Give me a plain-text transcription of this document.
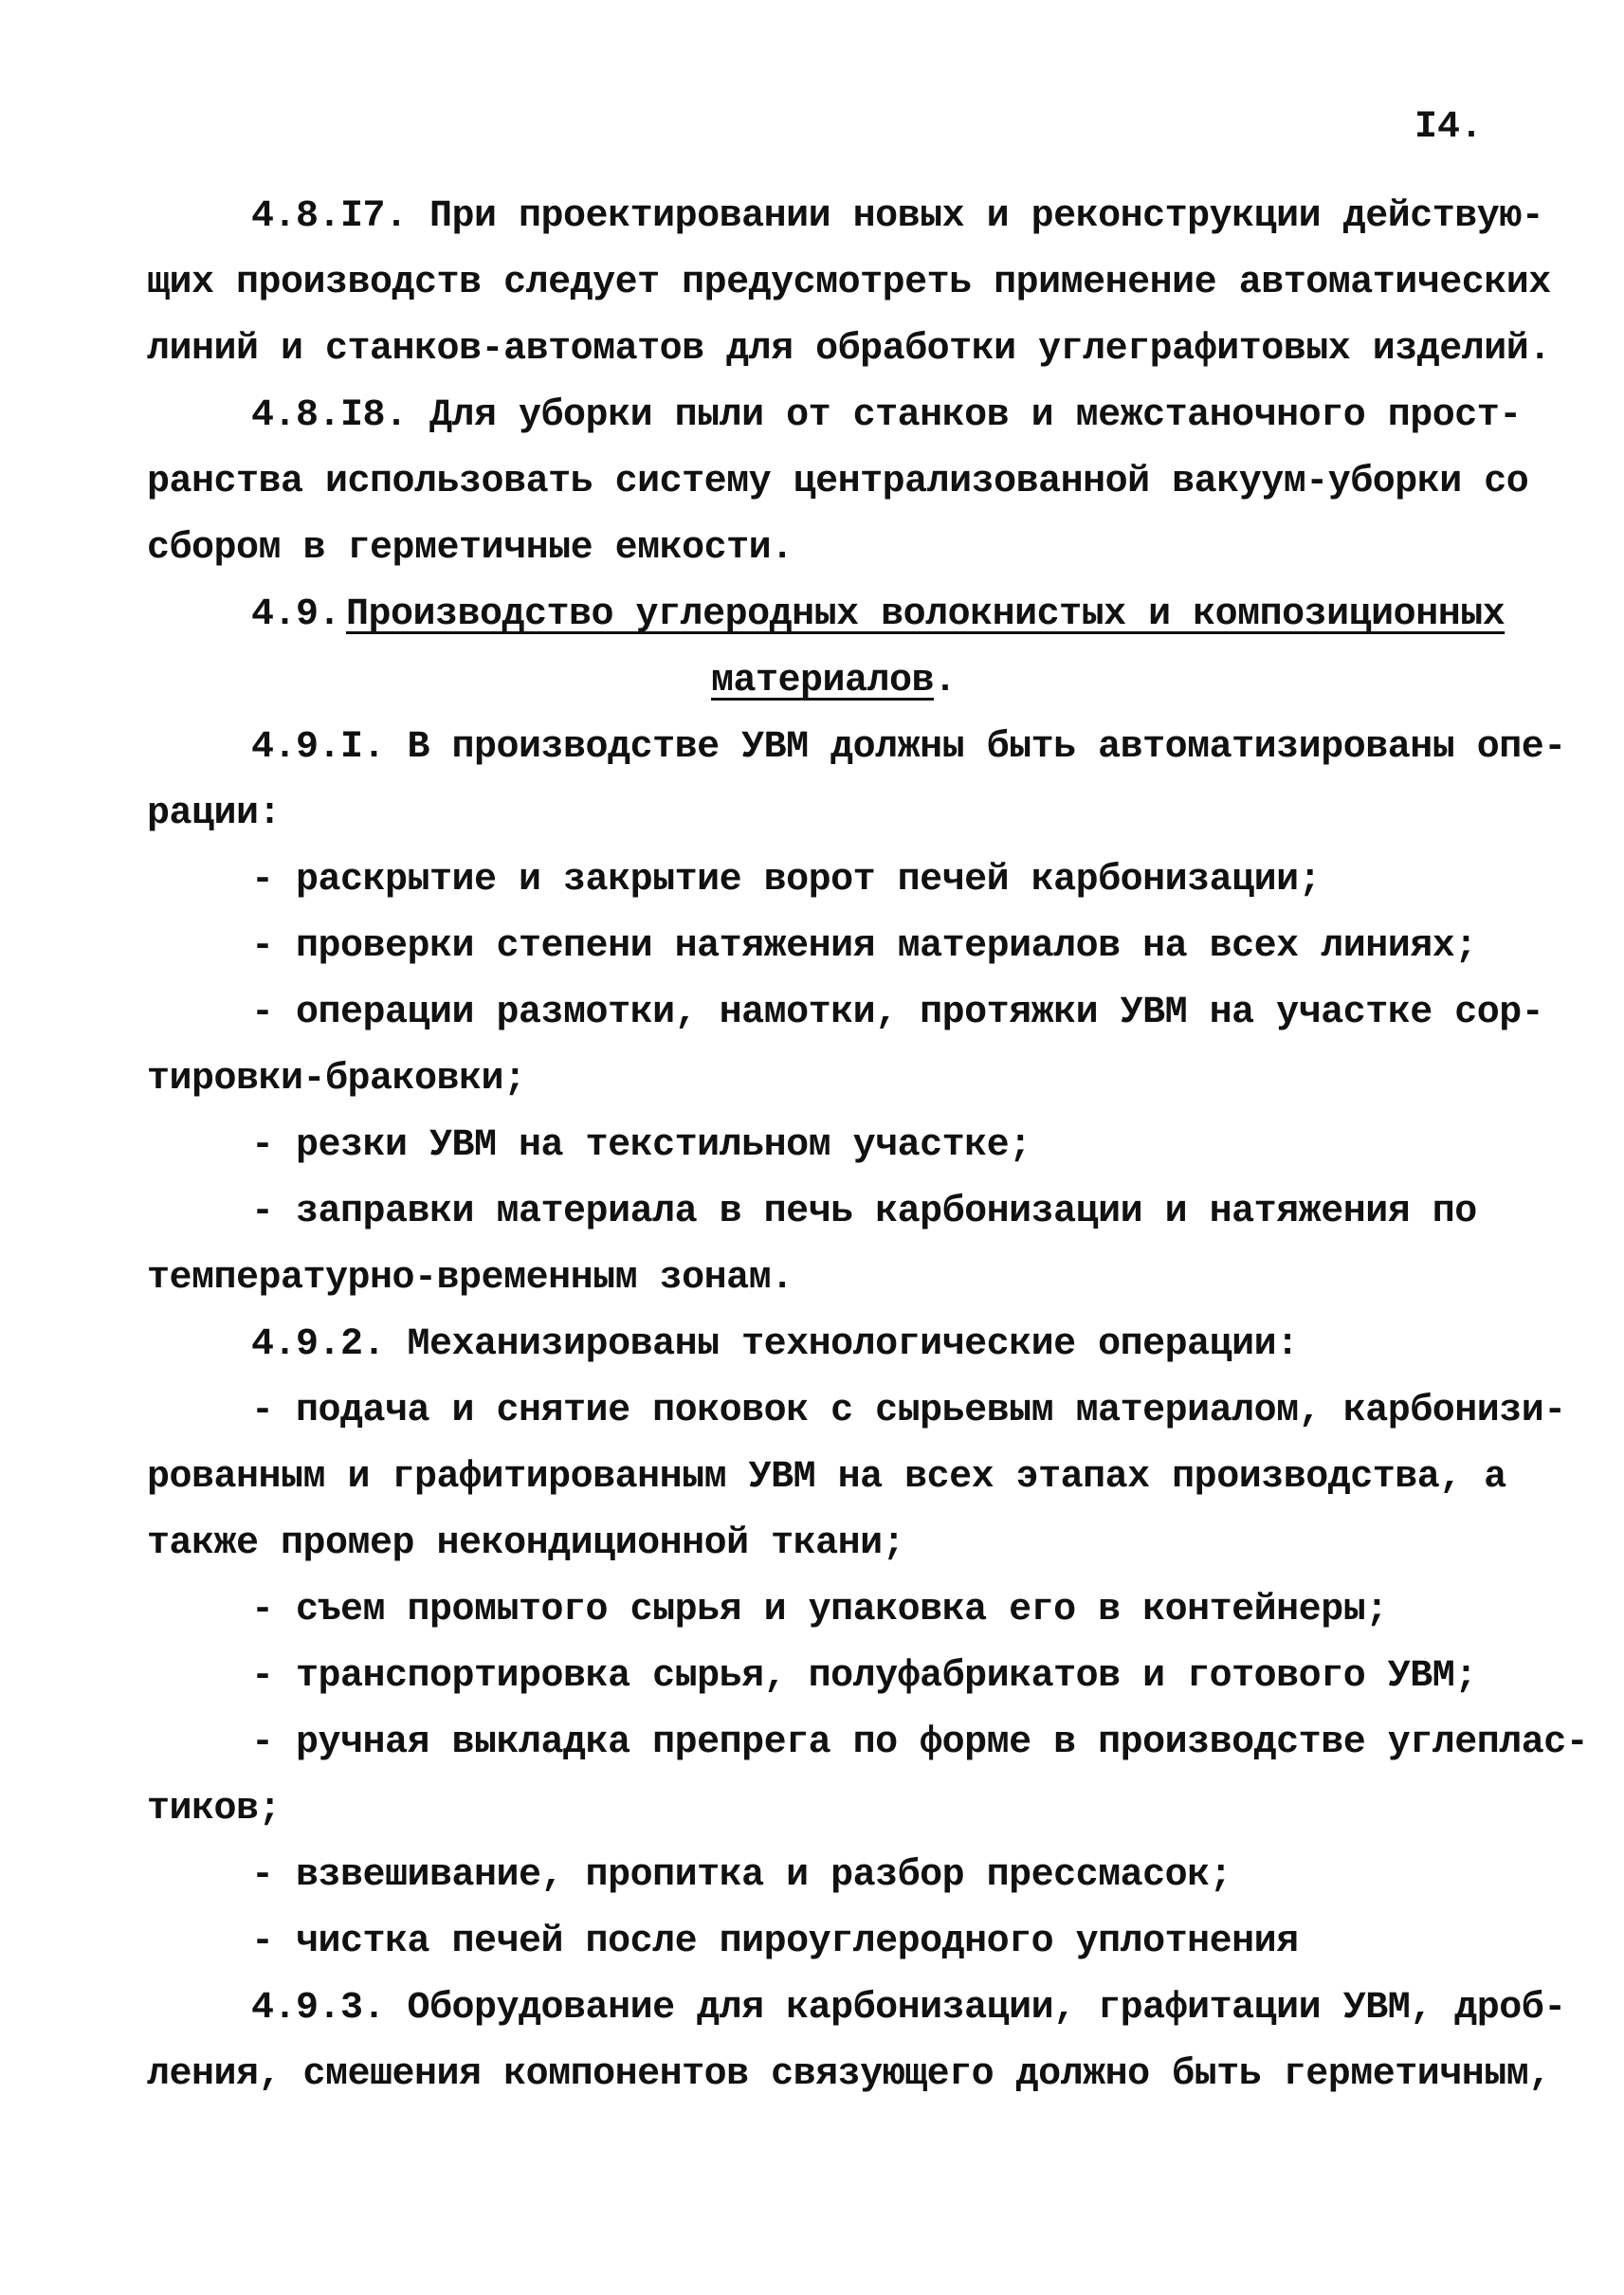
I4.
4.8.I7. При проектировании новых и реконструкции действую-
щих производств следует предусмотреть применение автоматических
линий и станков-автоматов для обработки углеграфитовых изделий.
4.8.I8. Для уборки пыли от станков и межстаночного прост-
ранства использовать систему централизованной вакуум-уборки со
сбором в герметичные емкости.
4.9. Производство углеродных волокнистых и композиционных
материалов.
4.9.I. В производстве УВМ должны быть автоматизированы опе-
рации:
- раскрытие и закрытие ворот печей карбонизации;
- проверки степени натяжения материалов на всех линиях;
- операции размотки, намотки, протяжки УВМ на участке сор-
тировки-браковки;
- резки УВМ на текстильном участке;
- заправки материала в печь карбонизации и натяжения по
температурно-временным зонам.
4.9.2. Механизированы технологические операции:
- подача и снятие поковок с сырьевым материалом, карбонизи-
рованным и графитированным УВМ на всех этапах производства, а
также промер некондиционной ткани;
- съем промытого сырья и упаковка его в контейнеры;
- транспортировка сырья, полуфабрикатов и готового УВМ;
- ручная выкладка препрега по форме в производстве углеплас-
тиков;
- взвешивание, пропитка и разбор прессмасок;
- чистка печей после пироуглеродного уплотнения
4.9.3. Оборудование для карбонизации, графитации УВМ, дроб-
ления, смешения компонентов связующего должно быть герметичным,
